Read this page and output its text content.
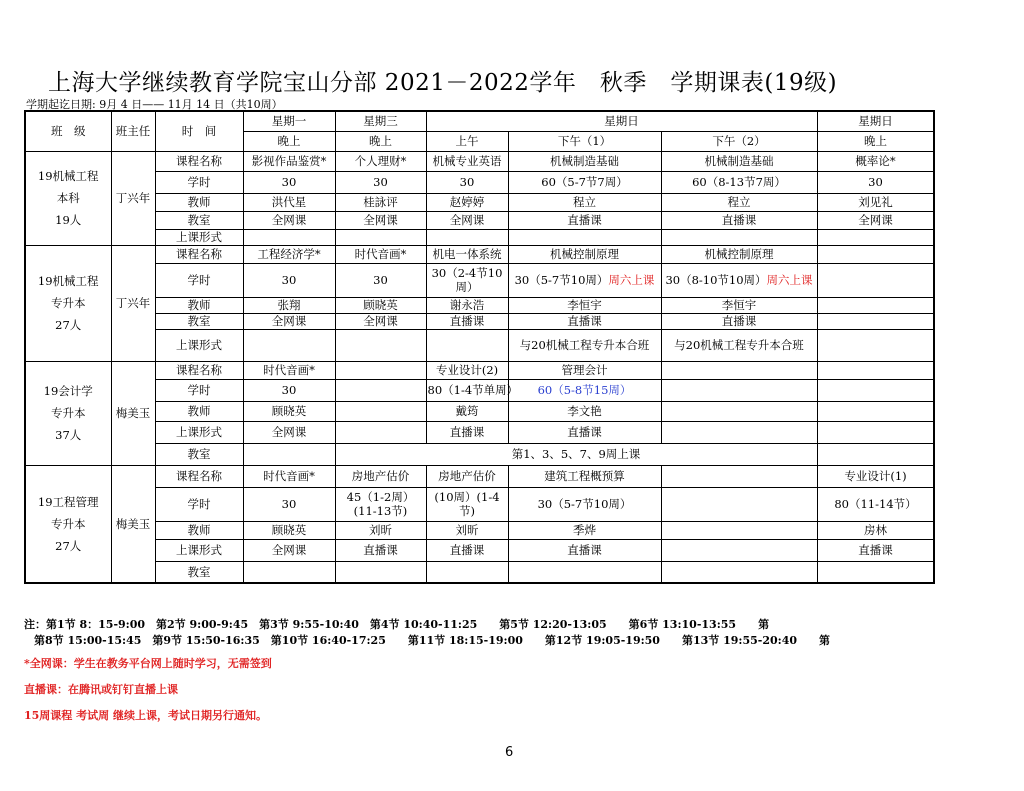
上海大学继续教育学院宝山分部 2021－2022学年　秋季　学期课表(19级)
学期起讫日期: 9月 4 日—— 11月 14 日（共10周）
班　级	班主任	时　间	星期一	星期三	星期日			星期日	
			晚上	晚上	上午	下午（1）	下午（2）	晚上	

19机械工程
本科
19人	丁兴年	课程名称	影视作品鉴赏*	个人理财*	机械专业英语	机械制造基础	机械制造基础	概率论*	
		学时	30	30	30	60（5-7节7周）	60（8-13节7周）	30	
		教师	洪代星	桂詠评	赵婷婷	程立	程立	刘见礼	
		教室	全网课	全网课	全网课	直播课	直播课	全网课	
		上课形式							

19机械工程
专升本
27人	丁兴年	课程名称	工程经济学*	时代音画*	机电一体系统	机械控制原理	机械控制原理		
		学时	30	30	30（2-4节10周）	30（5-7节10周）周六上课	30（8-10节10周）周六上课		
		教师	张翔	顾晓英	谢永浩	李恒宇	李恒宇		
		教室	全网课	全网课	直播课	直播课	直播课		
		上课形式				与20机械工程专升本合班	与20机械工程专升本合班		

19会计学
专升本
37人	梅美玉	课程名称	时代音画*		专业设计(2)	管理会计			
		学时	30		80（1-4节单周）	60（5-8节15周）			
		教师	顾晓英		戴筠	李文艳			
		上课形式	全网课		直播课	直播课			
		教室		第1、3、5、7、9周上课					

19工程管理
专升本
27人	梅美玉	课程名称	时代音画*	房地产估价	房地产估价	建筑工程概预算		专业设计(1)	
		学时	30	45（1-2周）(11-13节)	(10周）(1-4节)	30（5-7节10周）		80（11-14节）	
		教师	顾晓英	刘昕	刘昕	季烨		房林	
		上课形式	全网课	直播课	直播课	直播课		直播课	
		教室							
注：第1节 8：15-9:00　第2节 9:00-9:45　第3节 9:55-10:40　第4节 10:40-11:25　　第5节 12:20-13:05　　第6节 13:10-13:55　　第
第8节 15:00-15:45　第9节 15:50-16:35　第10节 16:40-17:25　　第11节 18:15-19:00　　第12节 19:05-19:50　　第13节 19:55-20:40　　第
*全网课：学生在教务平台网上随时学习，无需签到
直播课：在腾讯或钉钉直播上课
15周课程 考试周 继续上课，考试日期另行通知。
6
